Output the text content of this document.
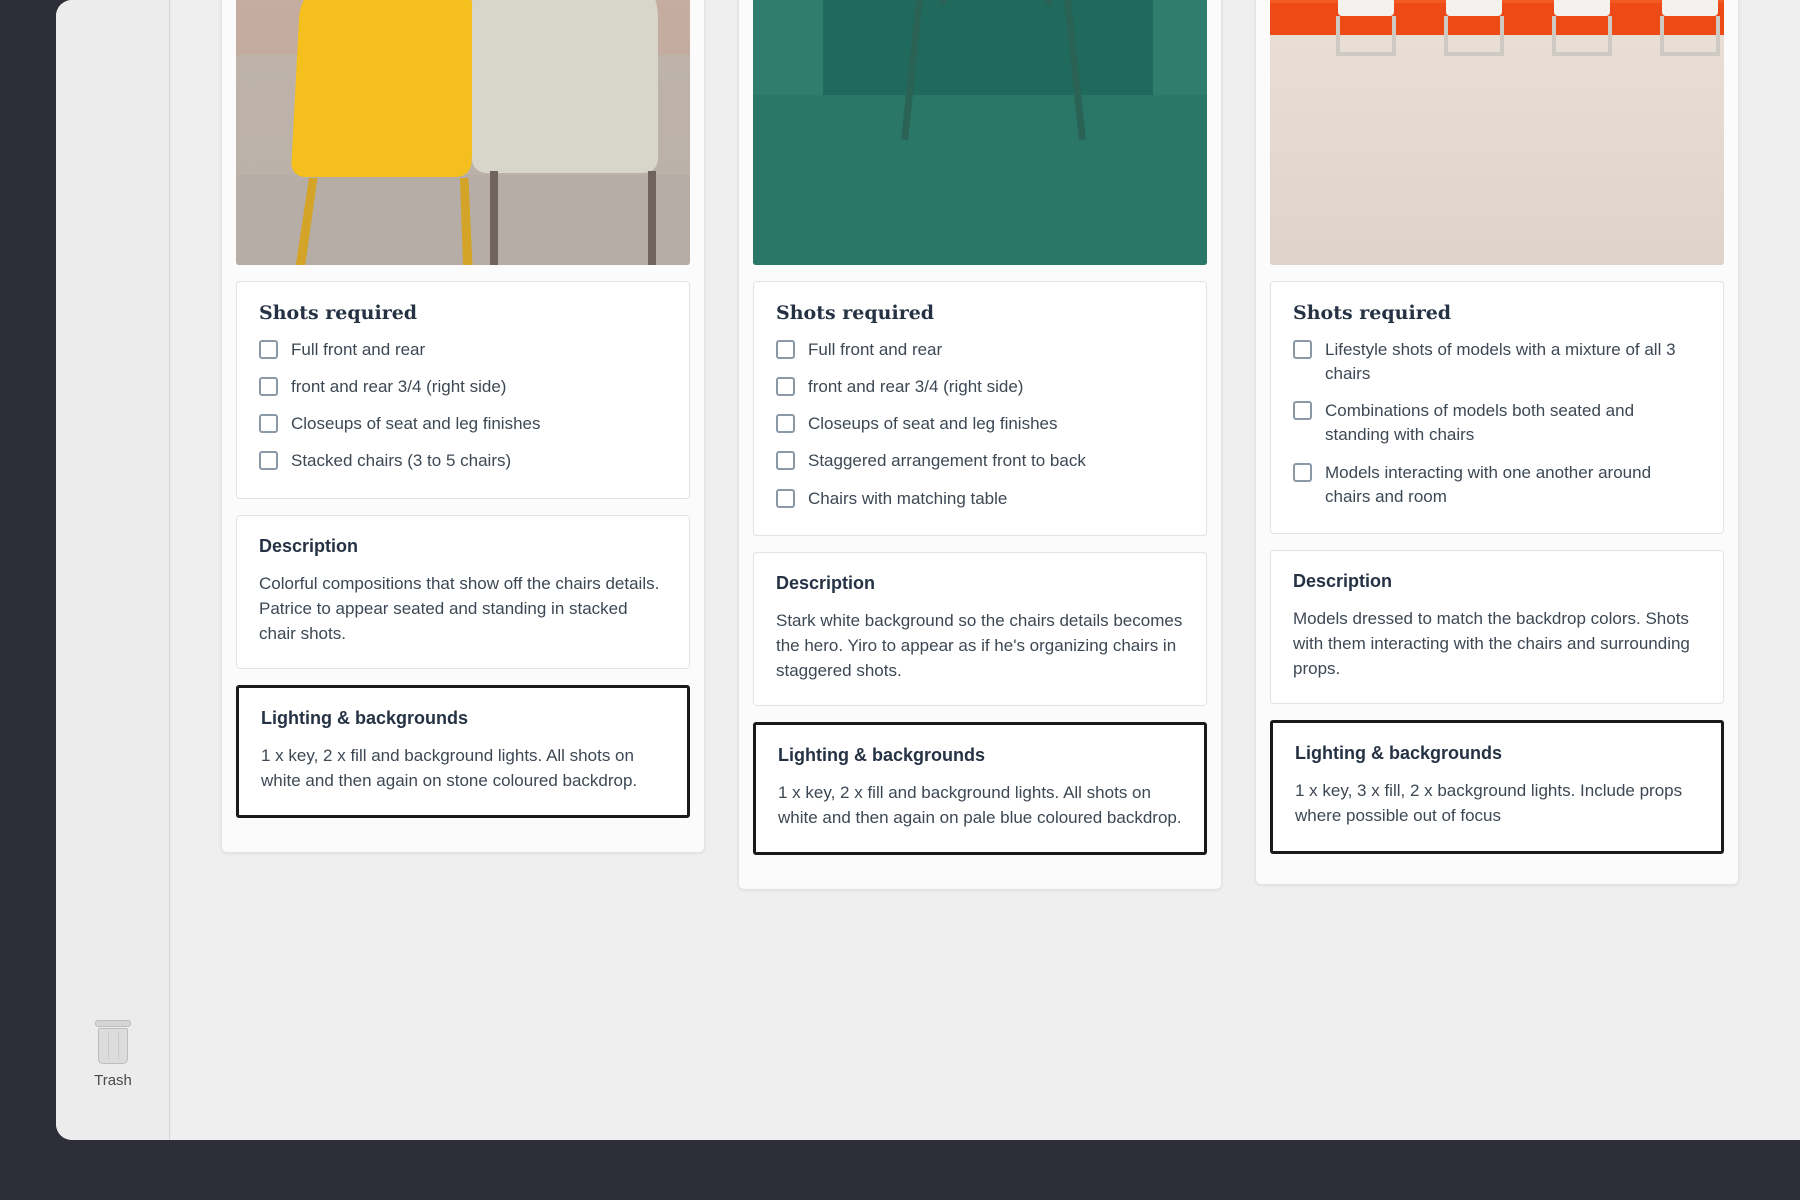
Trash
Shots required
Full front and rear
front and rear 3/4 (right side)
Closeups of seat and leg finishes
Stacked chairs (3 to 5 chairs)
Description

Colorful compositions that show off the chairs details. Patrice to appear seated and standing in stacked chair shots.

Lighting & backgrounds

1 x key, 2 x fill and background lights. All shots on white and then again on stone coloured backdrop.

Shots required
Full front and rear
front and rear 3/4 (right side)
Closeups of seat and leg finishes
Staggered arrangement front to back
Chairs with matching table
Description

Stark white background so the chairs details becomes the hero. Yiro to appear as if he's organizing chairs in staggered shots.

Lighting & backgrounds

1 x key, 2 x fill and background lights. All shots on white and then again on pale blue coloured backdrop.

Shots required
Lifestyle shots of models with a mixture of all 3 chairs
Combinations of models both seated and standing with chairs
Models interacting with one another around chairs and room
Description

Models dressed to match the backdrop colors. Shots with them interacting with the chairs and surrounding props.

Lighting & backgrounds

1 x key, 3 x fill, 2 x background lights. Include props where possible out of focus
